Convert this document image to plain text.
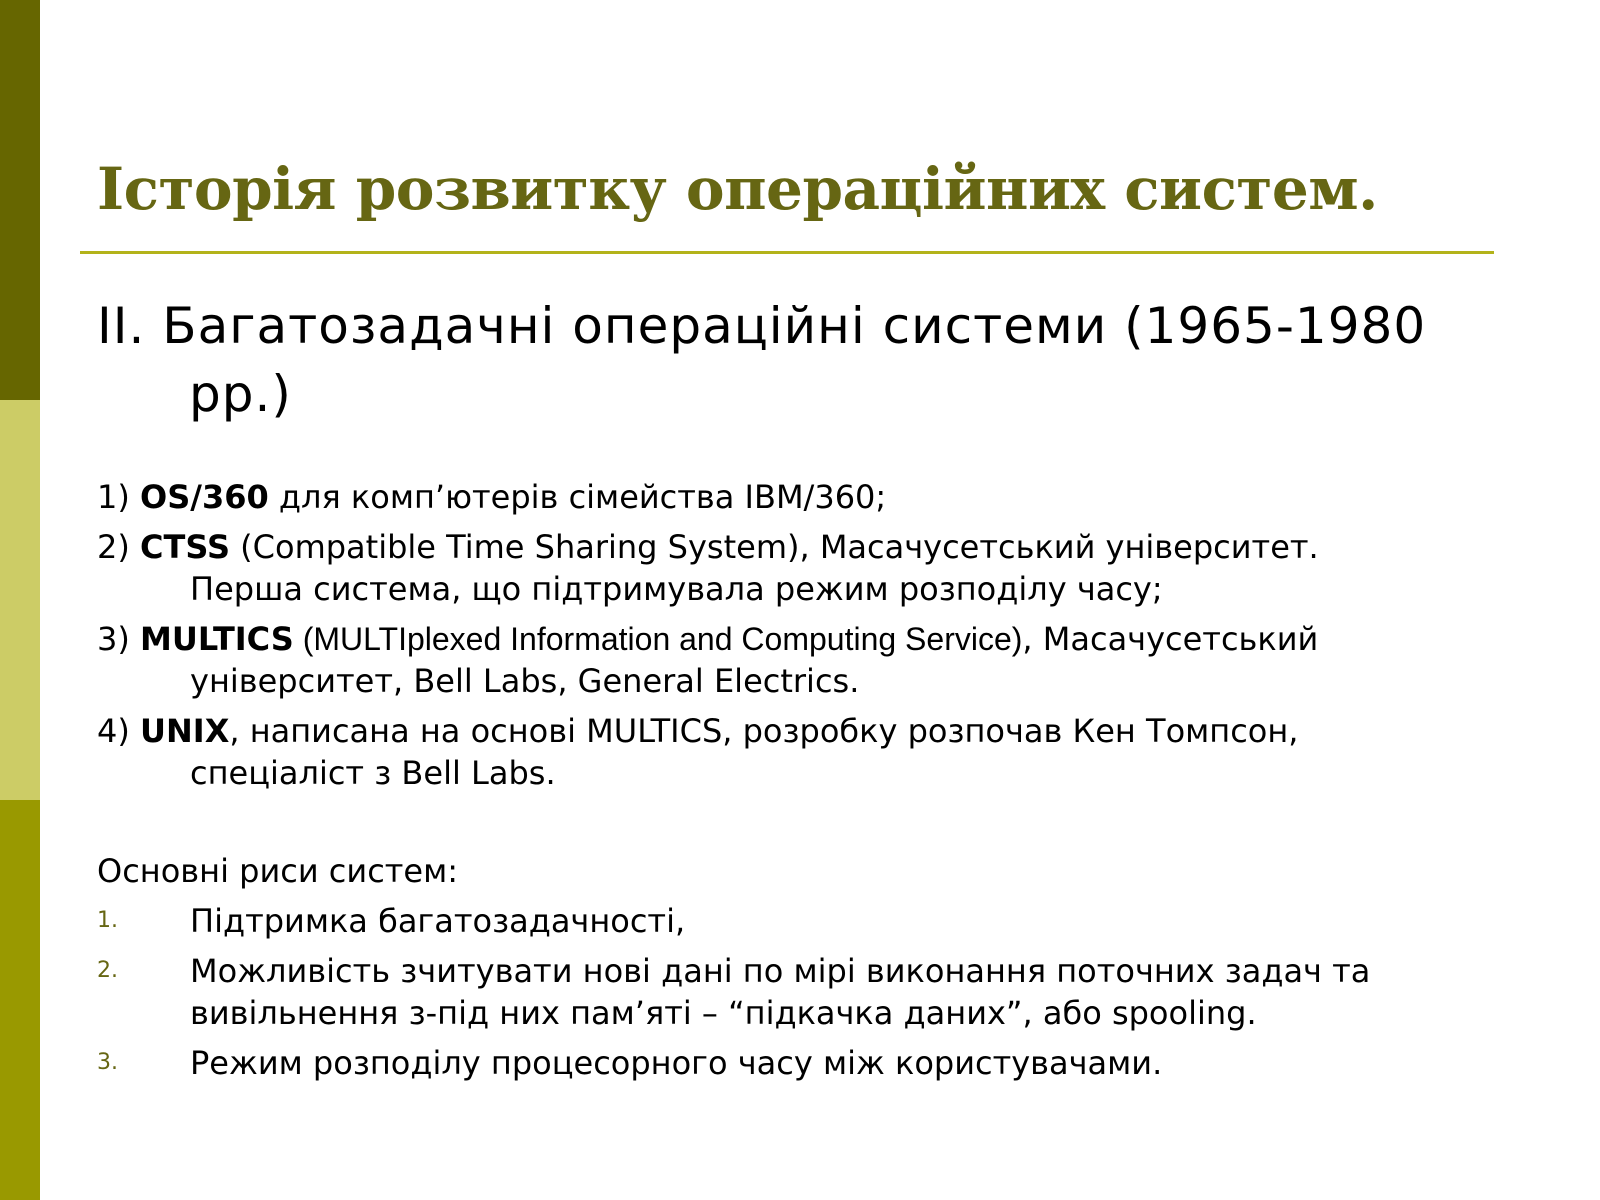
Історія розвитку операційних систем.
II. Багатозадачні операційні системи (1965-1980
рр.)
1) OS/360 для комп’ютерів сімейства IBM/360;
2) CTSS (Compatible Time Sharing System), Масачусетський університет.
Перша система, що підтримувала режим розподілу часу;
3) MULTICS (MULTIplexed Information and Computing Service), Масачусетський
університет, Bell Labs, General Electrics.
4) UNIX, написана на основі MULTICS, розробку розпочав Кен Томпсон,
спеціаліст з Bell Labs.
Основні риси систем:
1. Підтримка багатозадачності,
2. Можливість зчитувати нові дані по мірі виконання поточних задач та вивільнення з-під них пам’яті – “підкачка даних”, або spooling.
3. Режим розподілу процесорного часу між користувачами.
